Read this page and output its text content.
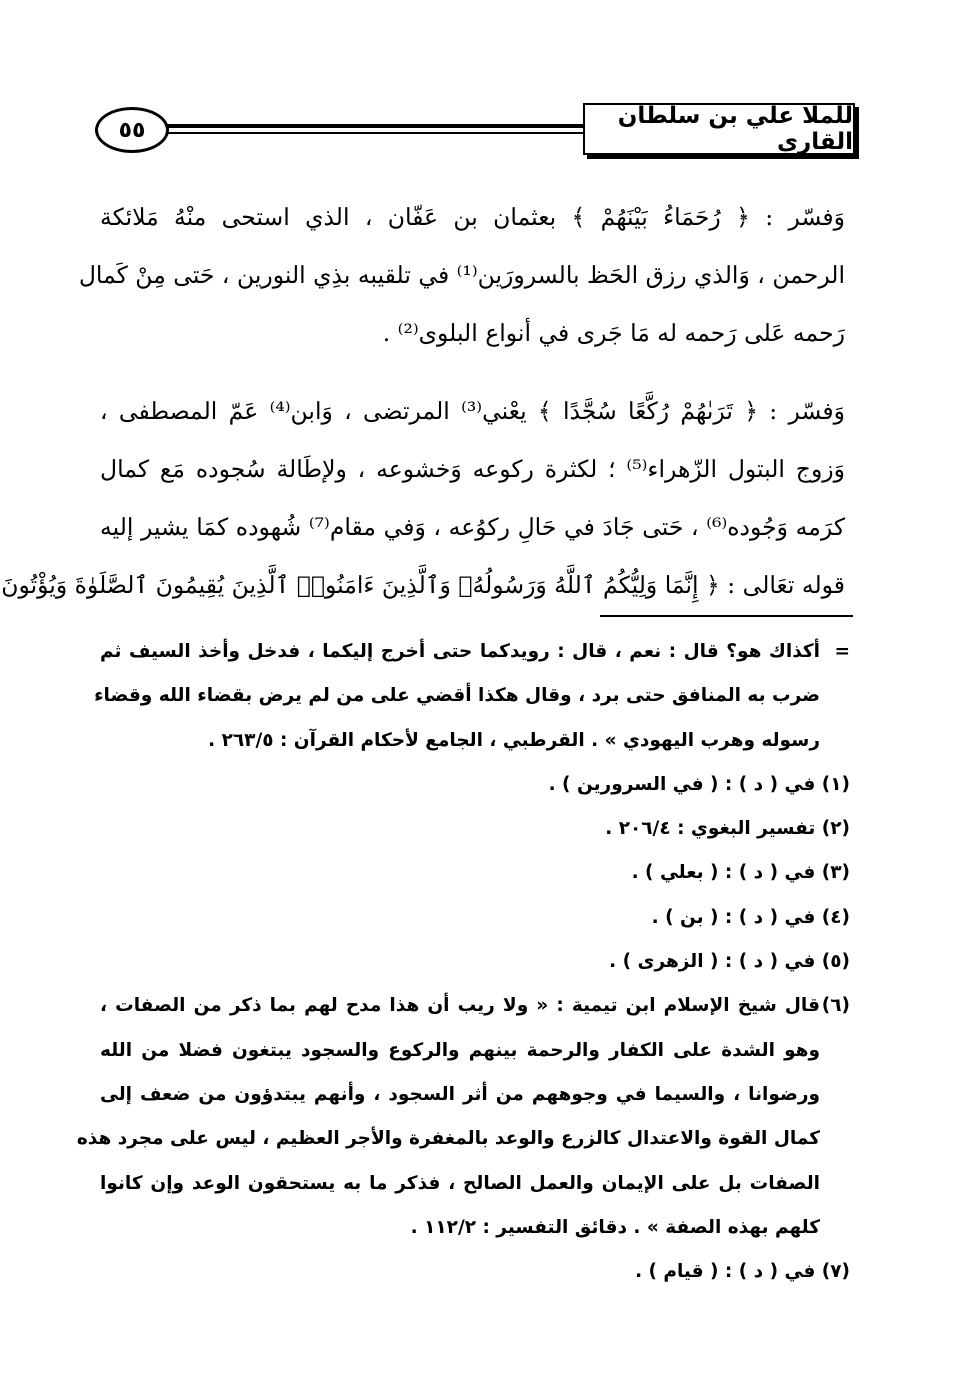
للملا علي بن سلطان القاري
٥٥
وَفسّر : ﴿ رُحَمَاءُ بَيْنَهُمْ ﴾ بعثمان بن عَفّان ، الذي استحى منْهُ مَلائكة
الرحمن ، وَالذي رزق الحَظ بالسرورَين⁽¹⁾ في تلقيبه بذِي النورين ، حَتى مِنْ كَمال
رَحمه عَلى رَحمه له مَا جَرى في أنواع البلوى⁽²⁾ .
وَفسّر : ﴿ تَرَىٰهُمْ رُكَّعًا سُجَّدًا ﴾ يعْني⁽³⁾ المرتضى ، وَابن⁽⁴⁾ عَمّ المصطفى ،
وَزوج البتول الزّهراء⁽⁵⁾ ؛ لكثرة ركوعه وَخشوعه ، ولإطَالة سُجوده مَع كمال
كرَمه وَجُوده⁽⁶⁾ ، حَتى جَادَ في حَالِ ركوُعه ، وَفي مقام⁽⁷⁾ شُهوده كمَا يشير إليه
قوله تعَالى : ﴿ إِنَّمَا وَلِيُّكُمُ ٱللَّهُ وَرَسُولُهُۥ وَٱلَّذِينَ ءَامَنُوا۟ ٱلَّذِينَ يُقِيمُونَ ٱلصَّلَوٰةَ وَيُؤْتُونَ
=
أكذاك هو؟ قال : نعم ، قال : رويدكما حتى أخرج إليكما ، فدخل وأخذ السيف ثم
ضرب به المنافق حتى برد ، وقال هكذا أقضي على من لم يرض بقضاء الله وقضاء
رسوله وهرب اليهودي » . القرطبي ، الجامع لأحكام القرآن : ٢٦٣/٥ .
(١) في ( د ) : ( في السرورين ) .
(٢) تفسير البغوي : ٢٠٦/٤ .
(٣) في ( د ) : ( بعلي ) .
(٤) في ( د ) : ( بن ) .
(٥) في ( د ) : ( الزهرى ) .
(٦)
قال شيخ الإسلام ابن تيمية : « ولا ريب أن هذا مدح لهم بما ذكر من الصفات ،
وهو الشدة على الكفار والرحمة بينهم والركوع والسجود يبتغون فضلا من الله
ورضوانا ، والسيما في وجوههم من أثر السجود ، وأنهم يبتدؤون من ضعف إلى
كمال القوة والاعتدال كالزرع والوعد بالمغفرة والأجر العظيم ، ليس على مجرد هذه
الصفات بل على الإيمان والعمل الصالح ، فذكر ما به يستحقون الوعد وإن كانوا
كلهم بهذه الصفة » . دقائق التفسير : ١١٢/٢ .
(٧) في ( د ) : ( قيام ) .
